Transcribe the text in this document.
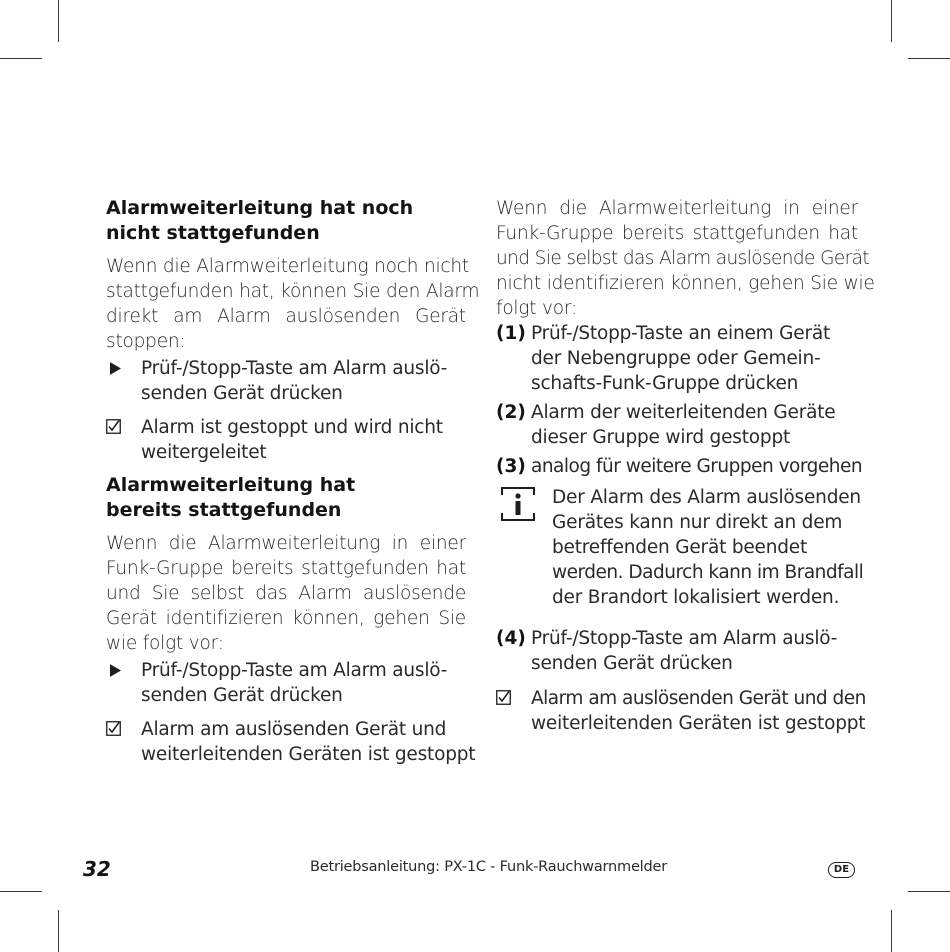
Alarmweiterleitung hat noch
nicht stattgefunden
Wenn die Alarmweiterleitung noch nicht
stattgefunden hat, können Sie den Alarm
direkt am Alarm auslösenden Gerät
stoppen:
Prüf-/Stopp-Taste am Alarm auslö-
senden Gerät drücken
Alarm ist gestoppt und wird nicht
weitergeleitet
Alarmweiterleitung hat
bereits stattgefunden
Wenn die Alarmweiterleitung in einer
Funk-Gruppe bereits stattgefunden hat
und Sie selbst das Alarm auslösende
Gerät identifizieren können, gehen Sie
wie folgt vor:
Prüf-/Stopp-Taste am Alarm auslö-
senden Gerät drücken
Alarm am auslösenden Gerät und
weiterleitenden Geräten ist gestoppt
Wenn die Alarmweiterleitung in einer
Funk-Gruppe bereits stattgefunden hat
und Sie selbst das Alarm auslösende Gerät
nicht identifizieren können, gehen Sie wie
folgt vor:
(1) Prüf-/Stopp-Taste an einem Gerät
der Nebengruppe oder Gemein-
schafts-Funk-Gruppe drücken
(2) Alarm der weiterleitenden Geräte
dieser Gruppe wird gestoppt
(3) analog für weitere Gruppen vorgehen
Der Alarm des Alarm auslösenden
Gerätes kann nur direkt an dem
betreffenden Gerät beendet
werden. Dadurch kann im Brandfall
der Brandort lokalisiert werden.
(4) Prüf-/Stopp-Taste am Alarm auslö-
senden Gerät drücken
Alarm am auslösenden Gerät und den
weiterleitenden Geräten ist gestoppt
32	Betriebsanleitung: PX-1C - Funk-Rauchwarnmelder	DE
